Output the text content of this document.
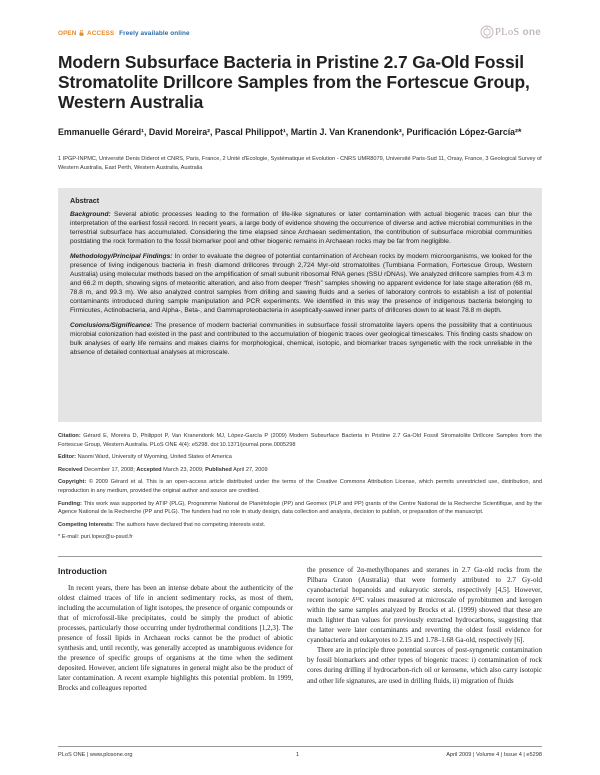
OPEN ACCESS Freely available online	PLoS one
Modern Subsurface Bacteria in Pristine 2.7 Ga-Old Fossil Stromatolite Drillcore Samples from the Fortescue Group, Western Australia
Emmanuelle Gérard¹, David Moreira², Pascal Philippot¹, Martin J. Van Kranendonk³, Purificación López-García²*
1 IPGP-INPMC, Université Denis Diderot et CNRS, Paris, France, 2 Unité d'Ecologie, Systématique et Evolution - CNRS UMR8079, Université Paris-Sud 11, Orsay, France, 3 Geological Survey of Western Australia, East Perth, Western Australia, Australia
Abstract

Background: Several abiotic processes leading to the formation of life-like signatures or later contamination with actual biogenic traces can blur the interpretation of the earliest fossil record. In recent years, a large body of evidence showing the occurrence of diverse and active microbial communities in the terrestrial subsurface has accumulated. Considering the time elapsed since Archaean sedimentation, the contribution of subsurface microbial communities postdating the rock formation to the fossil biomarker pool and other biogenic remains in Archaean rocks may be far from negligible.

Methodology/Principal Findings: In order to evaluate the degree of potential contamination of Archean rocks by modern microorganisms, we looked for the presence of living indigenous bacteria in fresh diamond drillcores through 2,724 Myr-old stromatolites (Tumbiana Formation, Fortescue Group, Western Australia) using molecular methods based on the amplification of small subunit ribosomal RNA genes (SSU rDNAs). We analyzed drillcore samples from 4.3 m and 66.2 m depth, showing signs of meteoritic alteration, and also from deeper “fresh” samples showing no apparent evidence for late stage alteration (68 m, 78.8 m, and 99.3 m). We also analyzed control samples from drilling and sawing fluids and a series of laboratory controls to establish a list of potential contaminants introduced during sample manipulation and PCR experiments. We identified in this way the presence of indigenous bacteria belonging to Firmicutes, Actinobacteria, and Alpha-, Beta-, and Gammaproteobacteria in aseptically-sawed inner parts of drillcores down to at least 78.8 m depth.

Conclusions/Significance: The presence of modern bacterial communities in subsurface fossil stromatolite layers opens the possibility that a continuous microbial colonization had existed in the past and contributed to the accumulation of biogenic traces over geological timescales. This finding casts shadow on bulk analyses of early life remains and makes claims for morphological, chemical, isotopic, and biomarker traces syngenetic with the rock unreliable in the absence of detailed contextual analyses at microscale.

Citation: Gérard E, Moreira D, Philippot P, Van Kranendonk MJ, López-García P (2009) Modern Subsurface Bacteria in Pristine 2.7 Ga-Old Fossil Stromatolite Drillcore Samples from the Fortescue Group, Western Australia. PLoS ONE 4(4): e5298. doi:10.1371/journal.pone.0005298

Editor: Naomi Ward, University of Wyoming, United States of America

Received December 17, 2008; Accepted March 23, 2009; Published April 27, 2009

Copyright: © 2009 Gérard et al. This is an open-access article distributed under the terms of the Creative Commons Attribution License, which permits unrestricted use, distribution, and reproduction in any medium, provided the original author and source are credited.

Funding: This work was supported by ATIP (PLG), Programme National de Planétologie (PP) and Geomex (PLP and PP) grants of the Centre National de la Recherche Scientifique, and by the Agence National de la Recherche (PP and PLG). The funders had no role in study design, data collection and analysis, decision to publish, or preparation of the manuscript.

Competing Interests: The authors have declared that no competing interests exist.

* E-mail: puri.lopez@u-psud.fr

Introduction

In recent years, there has been an intense debate about the authenticity of the oldest claimed traces of life in ancient sedimentary rocks, as most of them, including the accumulation of light isotopes, the presence of organic compounds or that of microfossil-like precipitates, could be simply the product of abiotic processes, particularly those occurring under hydrothermal conditions [1,2,3]. The presence of fossil lipids in Archaean rocks cannot be the product of abiotic synthesis and, until recently, was generally accepted as unambiguous evidence for the presence of specific groups of organisms at the time when the sediment deposited. However, ancient life signatures in general might also be the product of later contamination. A recent example highlights this potential problem. In 1999, Brocks and colleagues reported

the presence of 2α-methylhopanes and steranes in 2.7 Ga-old rocks from the Pilbara Craton (Australia) that were formerly attributed to 2.7 Gy-old cyanobacterial hopanoids and eukaryotic sterols, respectively [4,5]. However, recent isotopic δ¹³C values measured at microscale of pyrobitumen and kerogen within the same samples analyzed by Brocks et al. (1999) showed that these are much lighter than values for previously extracted hydrocarbons, suggesting that the latter were later contaminants and reverting the oldest fossil evidence for cyanobacteria and eukaryotes to 2.15 and 1.78–1.68 Ga-old, respectively [6].

There are in principle three potential sources of post-syngenetic contamination by fossil biomarkers and other types of biogenic traces: i) contamination of rock cores during drilling if hydrocarbon-rich oil or kerosene, which also carry isotopic and other life signatures, are used in drilling fluids, ii) migration of fluids

PLoS ONE | www.plosone.org	1	April 2009 | Volume 4 | Issue 4 | e5298
